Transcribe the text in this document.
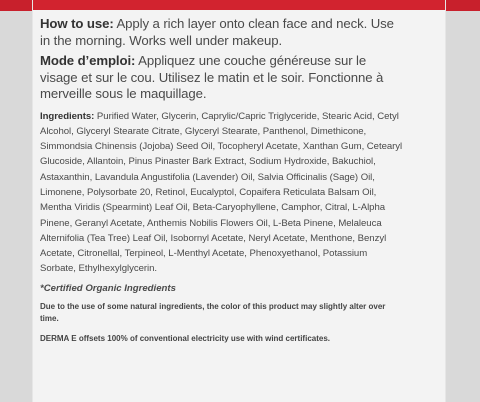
How to use: Apply a rich layer onto clean face and neck. Use in the morning. Works well under makeup.

Mode d’emploi: Appliquez une couche généreuse sur le visage et sur le cou. Utilisez le matin et le soir. Fonctionne à merveille sous le maquillage.

Ingredients: Purified Water, Glycerin, Caprylic/Capric Triglyceride, Stearic Acid, Cetyl Alcohol, Glyceryl Stearate Citrate, Glyceryl Stearate, Panthenol, Dimethicone, Simmondsia Chinensis (Jojoba) Seed Oil, Tocopheryl Acetate, Xanthan Gum, Cetearyl Glucoside, Allantoin, Pinus Pinaster Bark Extract, Sodium Hydroxide, Bakuchiol, Astaxanthin, Lavandula Angustifolia (Lavender) Oil, Salvia Officinalis (Sage) Oil, Limonene, Polysorbate 20, Retinol, Eucalyptol, Copaifera Reticulata Balsam Oil, Mentha Viridis (Spearmint) Leaf Oil, Beta-Caryophyllene, Camphor, Citral, L-Alpha Pinene, Geranyl Acetate, Anthemis Nobilis Flowers Oil, L-Beta Pinene, Melaleuca Alternifolia (Tea Tree) Leaf Oil, Isobornyl Acetate, Neryl Acetate, Menthone, Benzyl Acetate, Citronellal, Terpineol, L-Menthyl Acetate, Phenoxyethanol, Potassium Sorbate, Ethylhexylglycerin.
*Certified Organic Ingredients
Due to the use of some natural ingredients, the color of this product may slightly alter over time.
DERMA E offsets 100% of conventional electricity use with wind certificates.
